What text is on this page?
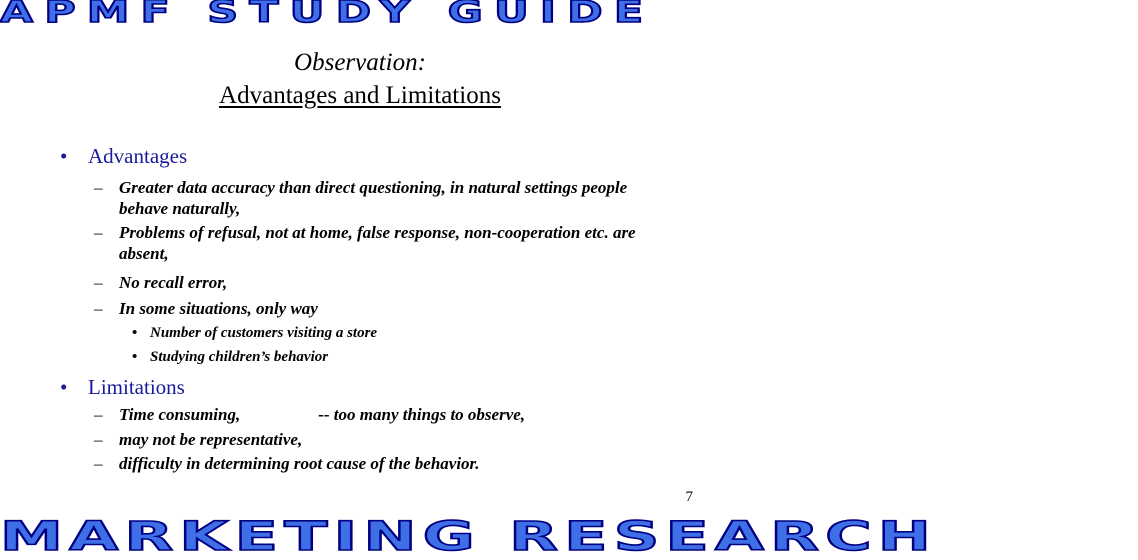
APMF STUDY GUIDE
Observation:
Advantages and Limitations
• Advantages
– Greater data accuracy than direct questioning, in natural settings people behave naturally,
– Problems of refusal, not at home, false response, non-cooperation etc. are absent,
– No recall error,
– In some situations, only way
• Number of customers visiting a store
• Studying children’s behavior
• Limitations
– Time consuming,	-- too many things to observe,
– may not be representative,
– difficulty in determining root cause of the behavior.
7
MARKETING RESEARCH
